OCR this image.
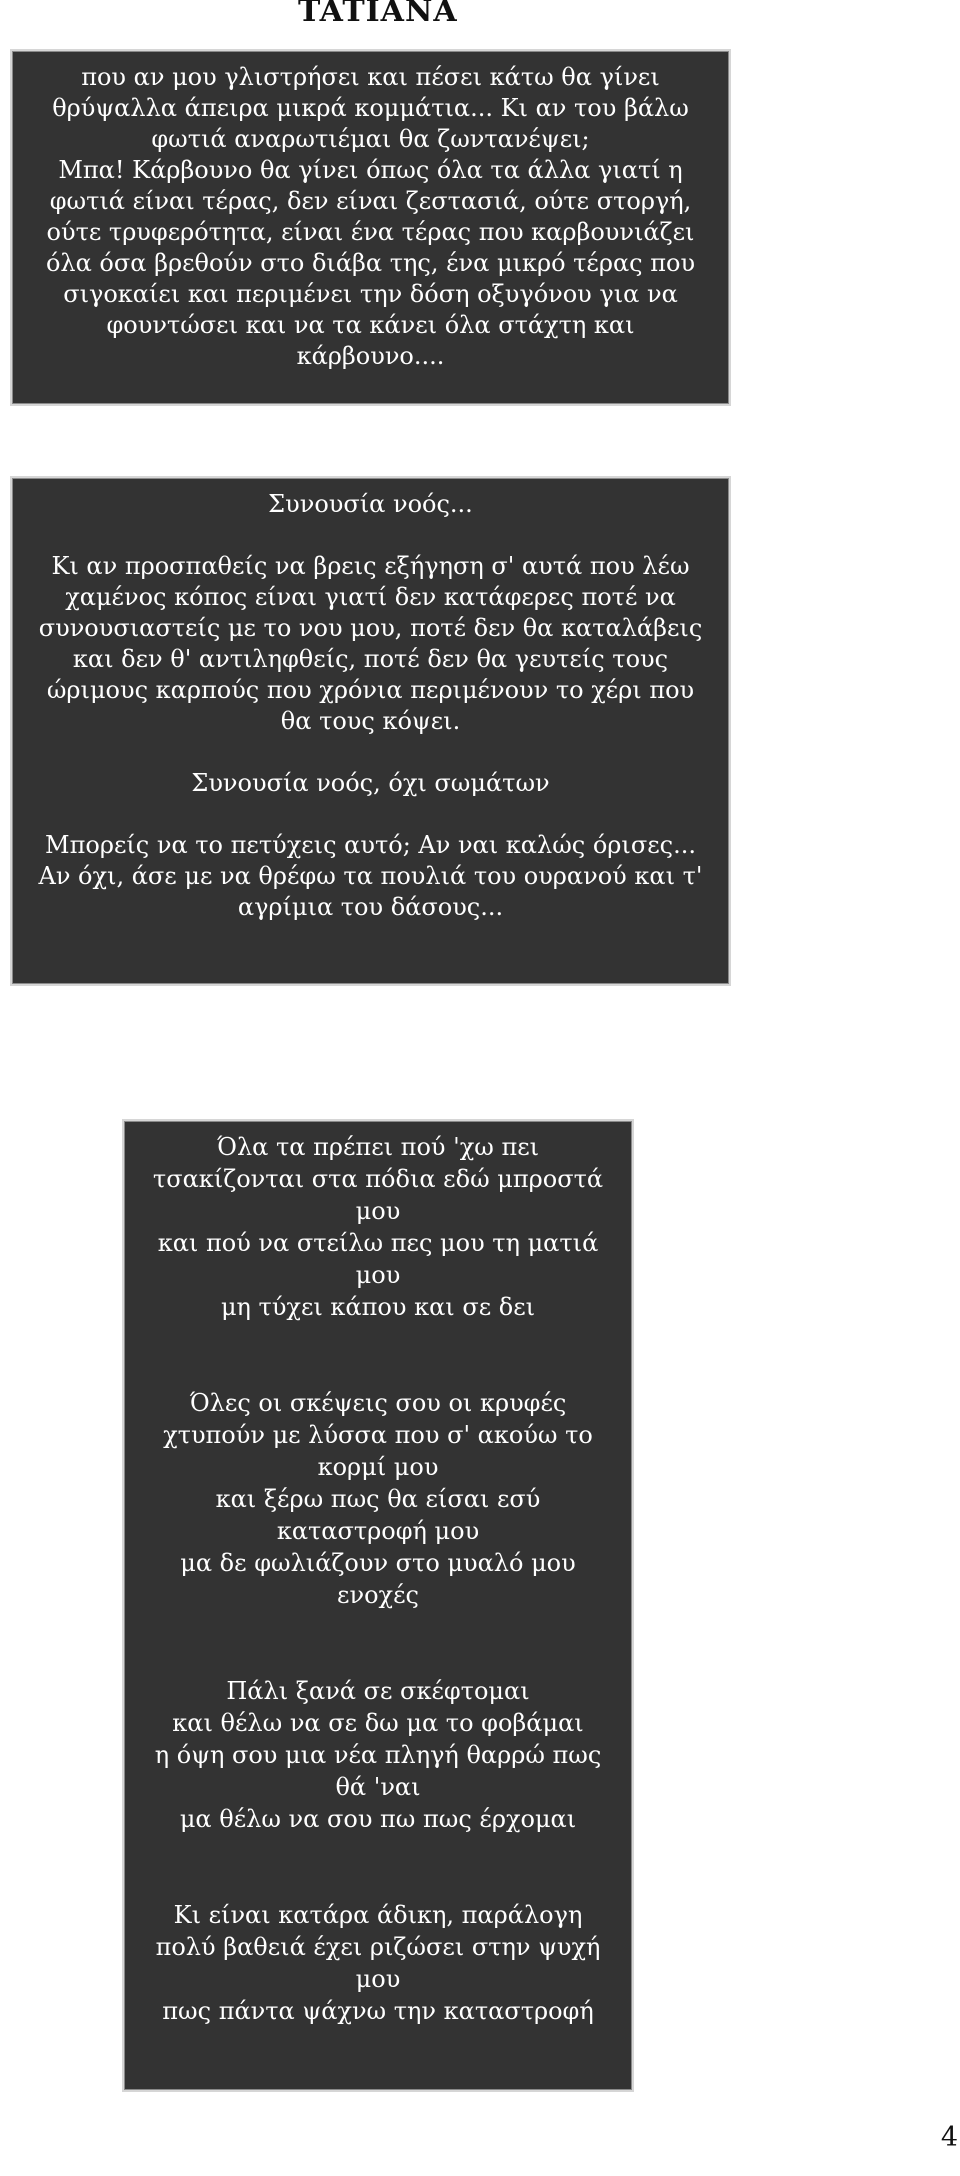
TATIANA

που αν μου γλιστρήσει και πέσει κάτω θα γίνει
θρύψαλλα άπειρα μικρά κομμάτια... Κι αν του βάλω
φωτιά αναρωτιέμαι θα ζωντανέψει;
Μπα! Κάρβουνο θα γίνει όπως όλα τα άλλα γιατί η
φωτιά είναι τέρας, δεν είναι ζεστασιά, ούτε στοργή,
ούτε τρυφερότητα, είναι ένα τέρας που καρβουνιάζει
όλα όσα βρεθούν στο διάβα της, ένα μικρό τέρας που
σιγοκαίει και περιμένει την δόση οξυγόνου για να
φουντώσει και να τα κάνει όλα στάχτη και
κάρβουνο....

Συνουσία νοός...

Κι αν προσπαθείς να βρεις εξήγηση σ' αυτά που λέω
χαμένος κόπος είναι γιατί δεν κατάφερες ποτέ να
συνουσιαστείς με το νου μου, ποτέ δεν θα καταλάβεις
και δεν θ' αντιληφθείς, ποτέ δεν θα γευτείς τους
ώριμους καρπούς που χρόνια περιμένουν το χέρι που
θα τους κόψει.

Συνουσία νοός, όχι σωμάτων

Μπορείς να το πετύχεις αυτό; Αν ναι καλώς όρισες...
Αν όχι, άσε με να θρέφω τα πουλιά του ουρανού και τ'
αγρίμια του δάσους...

Όλα τα πρέπει πού 'χω πει
τσακίζονται στα πόδια εδώ μπροστά
μου
και πού να στείλω πες μου τη ματιά
μου
μη τύχει κάπου και σε δει

Όλες οι σκέψεις σου οι κρυφές
χτυπούν με λύσσα που σ' ακούω το
κορμί μου
και ξέρω πως θα είσαι εσύ
καταστροφή μου
μα δε φωλιάζουν στο μυαλό μου
ενοχές

Πάλι ξανά σε σκέφτομαι
και θέλω να σε δω μα το φοβάμαι
η όψη σου μια νέα πληγή θαρρώ πως
θά 'ναι
μα θέλω να σου πω πως έρχομαι

Κι είναι κατάρα άδικη, παράλογη
πολύ βαθειά έχει ριζώσει στην ψυχή
μου
πως πάντα ψάχνω την καταστροφή

4
